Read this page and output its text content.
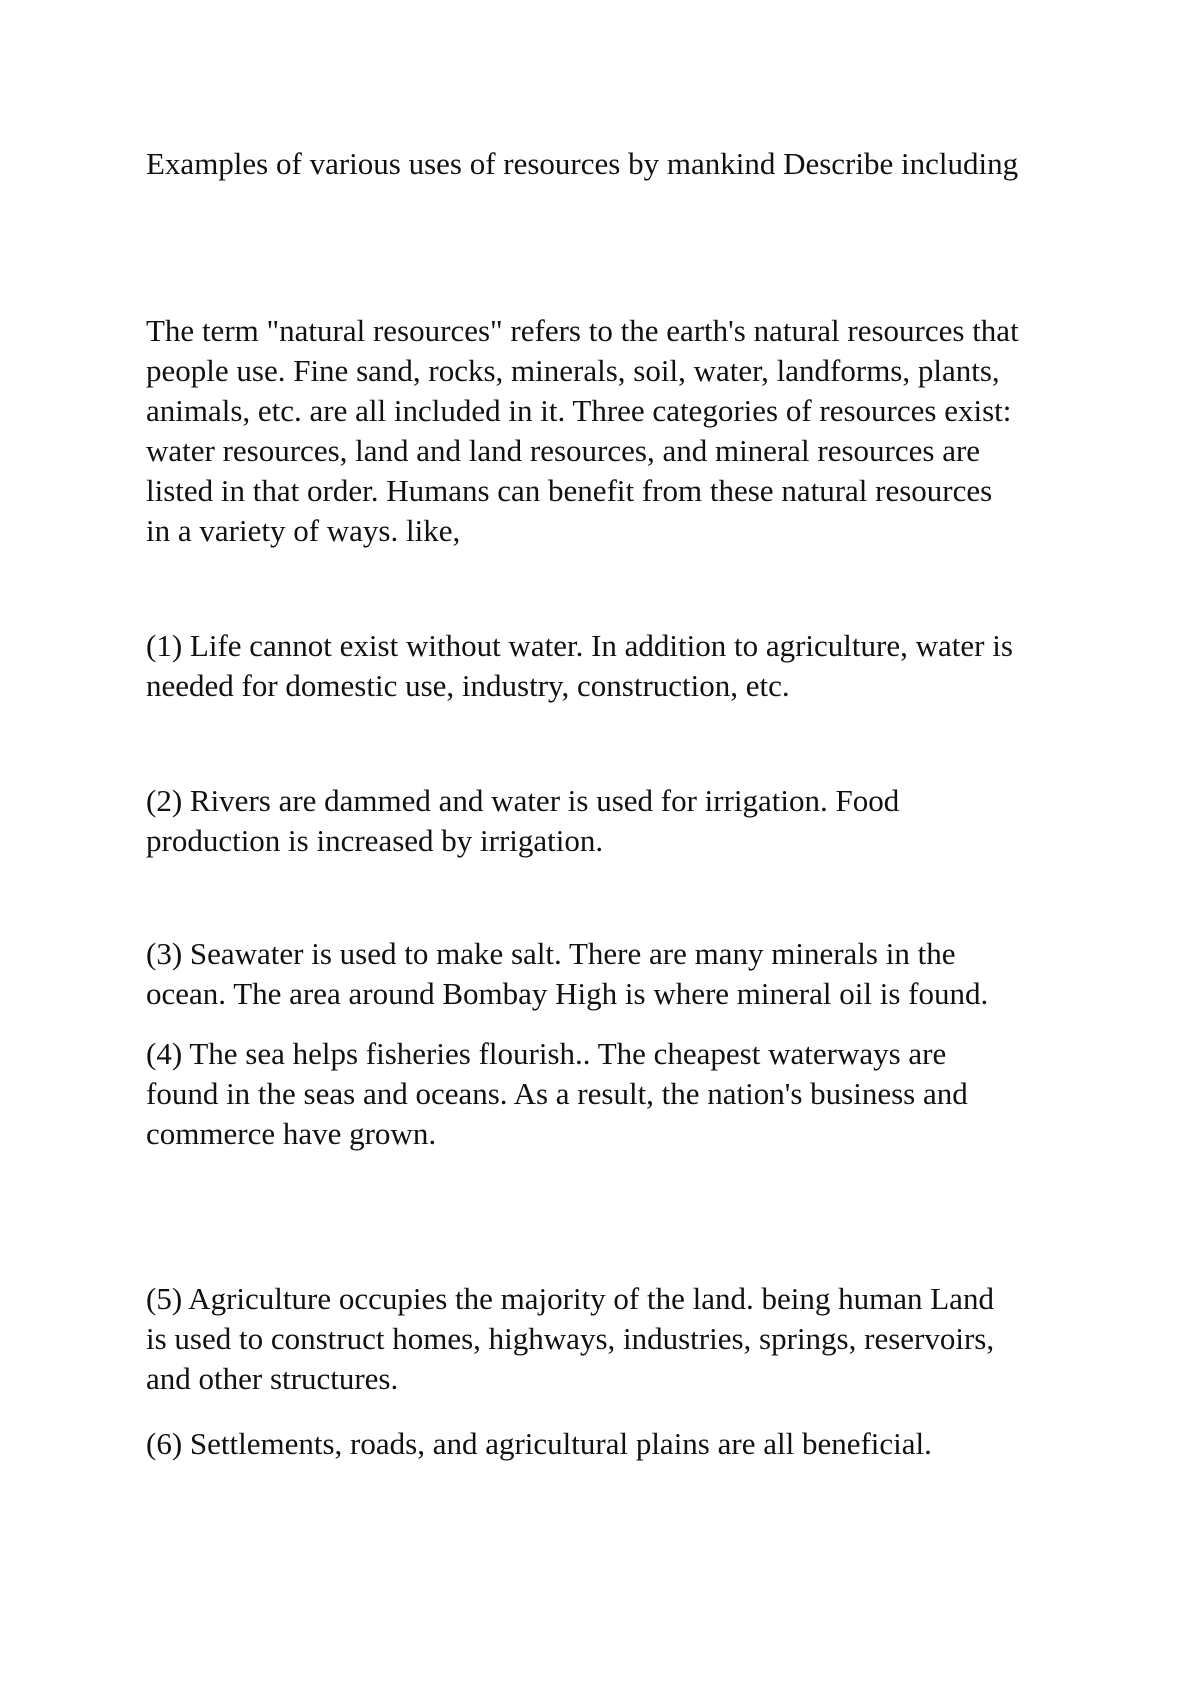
Examples of various uses of resources by mankind Describe including

The term "natural resources" refers to the earth's natural resources that
people use. Fine sand, rocks, minerals, soil, water, landforms, plants,
animals, etc. are all included in it. Three categories of resources exist:
water resources, land and land resources, and mineral resources are
listed in that order. Humans can benefit from these natural resources
in a variety of ways. like,

(1) Life cannot exist without water. In addition to agriculture, water is
needed for domestic use, industry, construction, etc.

(2) Rivers are dammed and water is used for irrigation. Food
production is increased by irrigation.

(3) Seawater is used to make salt. There are many minerals in the
ocean. The area around Bombay High is where mineral oil is found.

(4) The sea helps fisheries flourish.. The cheapest waterways are
found in the seas and oceans. As a result, the nation's business and
commerce have grown.

(5) Agriculture occupies the majority of the land. being human Land
is used to construct homes, highways, industries, springs, reservoirs,
and other structures.

(6) Settlements, roads, and agricultural plains are all beneficial.
